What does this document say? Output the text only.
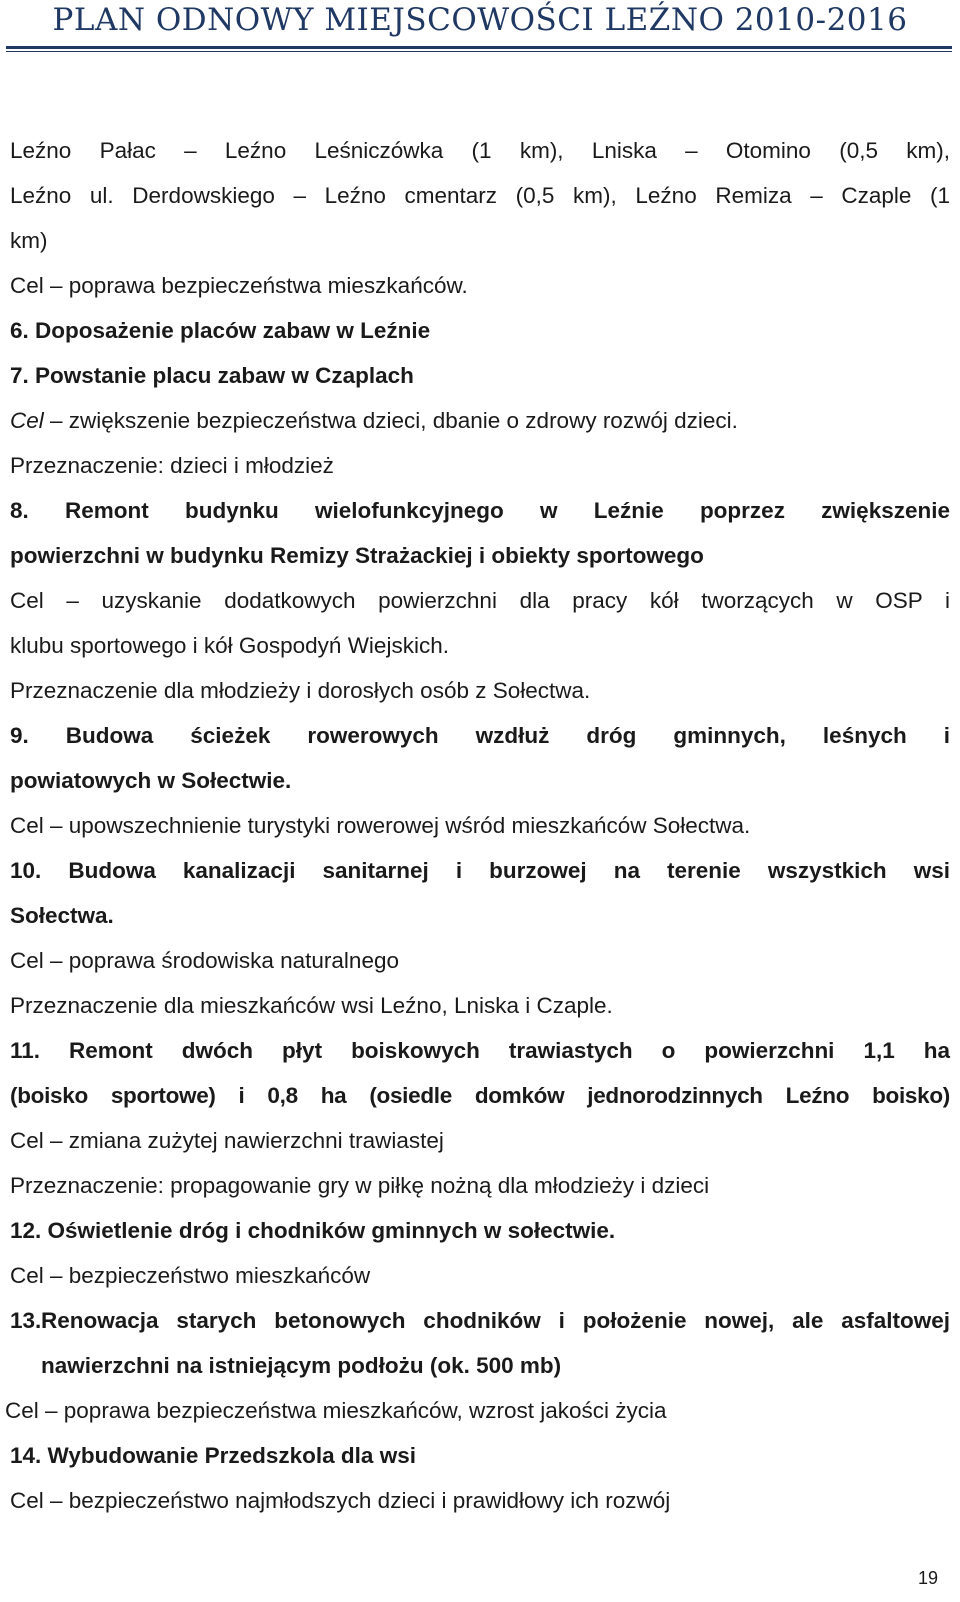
PLAN ODNOWY MIEJSCOWOŚCI LEŹNO 2010-2016
Leźno Pałac – Leźno Leśniczówka (1 km), Lniska – Otomino (0,5 km),
Leźno ul. Derdowskiego – Leźno cmentarz (0,5 km), Leźno Remiza – Czaple (1
km)
Cel – poprawa bezpieczeństwa mieszkańców.
6. Doposażenie placów zabaw w Leźnie
7. Powstanie placu zabaw w Czaplach
Cel – zwiększenie bezpieczeństwa dzieci, dbanie o zdrowy rozwój dzieci.
Przeznaczenie: dzieci i młodzież
8. Remont budynku wielofunkcyjnego w Leźnie poprzez zwiększenie
powierzchni w budynku Remizy Strażackiej i obiekty sportowego
Cel – uzyskanie dodatkowych powierzchni dla pracy kół tworzących w OSP i
klubu sportowego i kół Gospodyń Wiejskich.
Przeznaczenie dla młodzieży i dorosłych osób z Sołectwa.
9. Budowa ścieżek rowerowych wzdłuż dróg gminnych, leśnych i
powiatowych w Sołectwie.
Cel – upowszechnienie turystyki rowerowej wśród mieszkańców Sołectwa.
10. Budowa kanalizacji sanitarnej i burzowej na terenie wszystkich wsi
Sołectwa.
Cel – poprawa środowiska naturalnego
Przeznaczenie dla mieszkańców wsi Leźno, Lniska i Czaple.
11. Remont dwóch płyt boiskowych trawiastych o powierzchni 1,1 ha
(boisko sportowe) i 0,8 ha (osiedle domków jednorodzinnych Leźno boisko)
Cel – zmiana zużytej nawierzchni trawiastej
Przeznaczenie: propagowanie gry w piłkę nożną dla młodzieży i dzieci
12. Oświetlenie dróg i chodników gminnych w sołectwie.
Cel – bezpieczeństwo mieszkańców
13. Renowacja starych betonowych chodników i położenie nowej, ale asfaltowej nawierzchni na istniejącym podłożu (ok. 500 mb)
Cel – poprawa bezpieczeństwa mieszkańców, wzrost jakości życia
14. Wybudowanie Przedszkola dla wsi
Cel – bezpieczeństwo najmłodszych dzieci i prawidłowy ich rozwój
19
